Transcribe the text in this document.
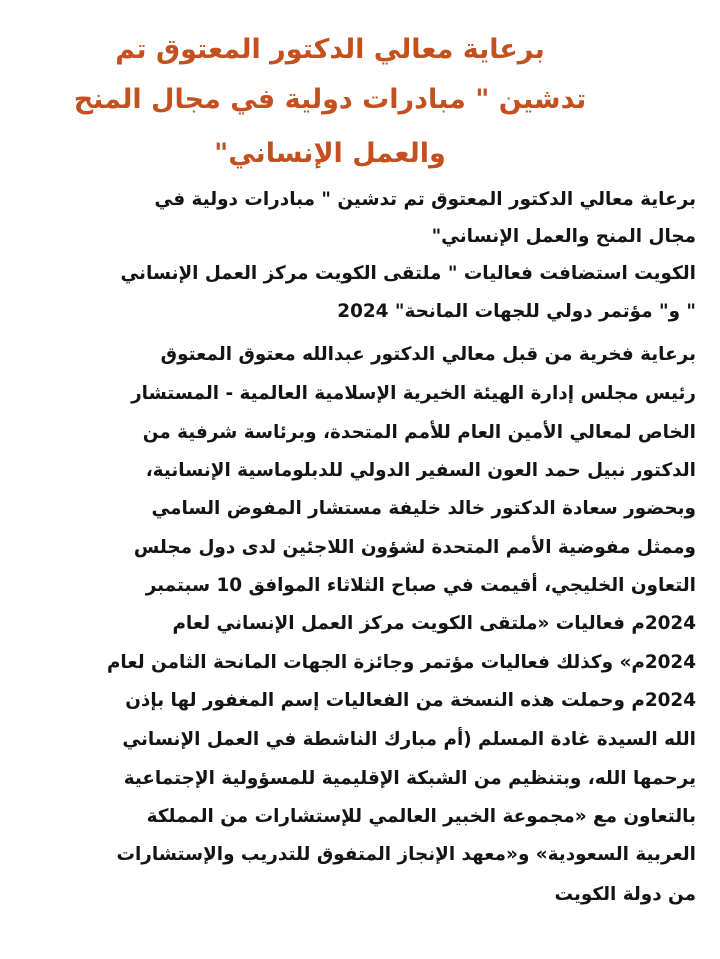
برعاية معالي الدكتور المعتوق تم
تدشين " مبادرات دولية في مجال المنح
والعمل الإنساني"
برعاية معالي الدكتور المعتوق تم تدشين " مبادرات دولية في
مجال المنح والعمل الإنساني"
الكويت استضافت فعاليات " ملتقى الكويت مركز العمل الإنساني
" و" مؤتمر دولي للجهات المانحة" 2024
برعاية فخرية من قبل معالي الدكتور عبدالله معتوق المعتوق
رئيس مجلس إدارة الهيئة الخيرية الإسلامية العالمية - المستشار
الخاص لمعالي الأمين العام للأمم المتحدة، وبرئاسة شرفية من
الدكتور نبيل حمد العون السفير الدولي للدبلوماسية الإنسانية،
وبحضور سعادة الدكتور خالد خليفة مستشار المفوض السامي
وممثل مفوضية الأمم المتحدة لشؤون اللاجئين لدى دول مجلس
التعاون الخليجي، أقيمت في صباح الثلاثاء الموافق 10 سبتمبر
2024م فعاليات «ملتقى الكويت مركز العمل الإنساني لعام
2024م» وكذلك فعاليات مؤتمر وجائزة الجهات المانحة الثامن لعام
2024م وحملت هذه النسخة من الفعاليات إسم المغفور لها بإذن
الله السيدة غادة المسلم (أم مبارك الناشطة في العمل الإنساني
يرحمها الله، وبتنظيم من الشبكة الإقليمية للمسؤولية الإجتماعية
بالتعاون مع «مجموعة الخبير العالمي للإستشارات من المملكة
العربية السعودية» و«معهد الإنجاز المتفوق للتدريب والإستشارات
من دولة الكويت
